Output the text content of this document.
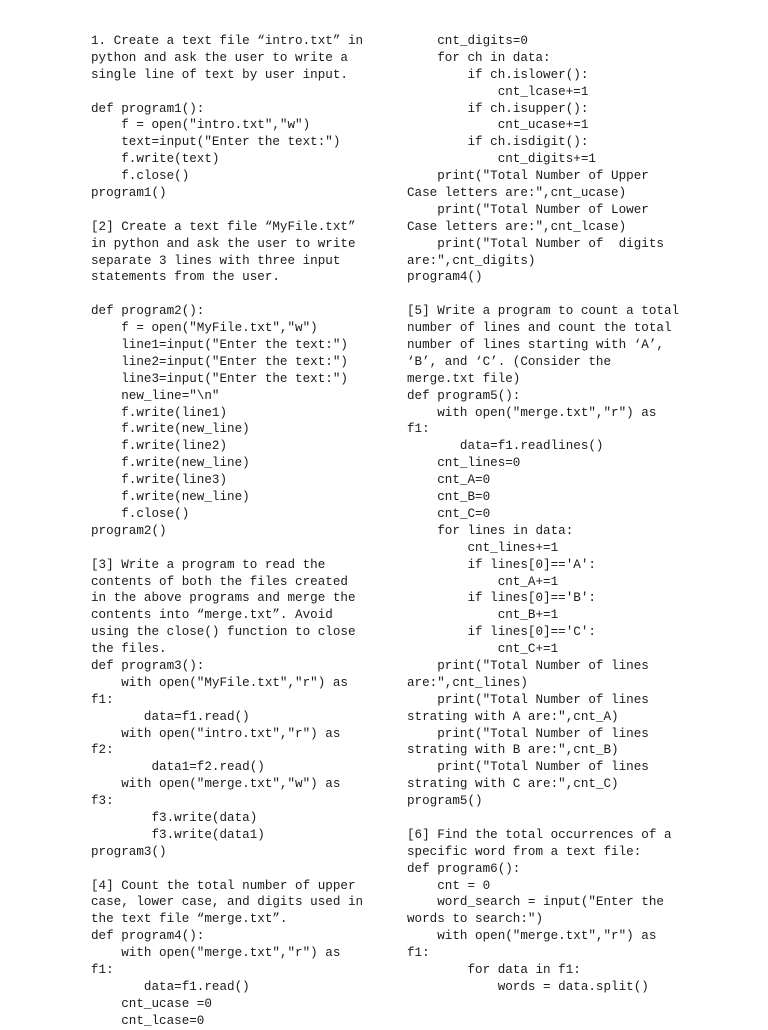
1. Create a text file “intro.txt” in
python and ask the user to write a
single line of text by user input.
def program1():
f = open("intro.txt","w")
text=input("Enter the text:")
f.write(text)
f.close()
program1()
[2] Create a text file “MyFile.txt”
in python and ask the user to write
separate 3 lines with three input
statements from the user.
def program2():
f = open("MyFile.txt","w")
line1=input("Enter the text:")
line2=input("Enter the text:")
line3=input("Enter the text:")
new_line="\n"
f.write(line1)
f.write(new_line)
f.write(line2)
f.write(new_line)
f.write(line3)
f.write(new_line)
f.close()
program2()
[3] Write a program to read the
contents of both the files created
in the above programs and merge the
contents into “merge.txt”. Avoid
using the close() function to close
the files.
def program3():
with open("MyFile.txt","r") as
f1:
data=f1.read()
with open("intro.txt","r") as
f2:
data1=f2.read()
with open("merge.txt","w") as
f3:
f3.write(data)
f3.write(data1)
program3()
[4] Count the total number of upper
case, lower case, and digits used in
the text file “merge.txt”.
def program4():
with open("merge.txt","r") as
f1:
data=f1.read()
cnt_ucase =0
cnt_lcase=0
cnt_digits=0
for ch in data:
if ch.islower():
cnt_lcase+=1
if ch.isupper():
cnt_ucase+=1
if ch.isdigit():
cnt_digits+=1
print("Total Number of Upper
Case letters are:",cnt_ucase)
print("Total Number of Lower
Case letters are:",cnt_lcase)
print("Total Number of  digits
are:",cnt_digits)
program4()
[5] Write a program to count a total
number of lines and count the total
number of lines starting with ‘A’,
‘B’, and ‘C’. (Consider the
merge.txt file)
def program5():
with open("merge.txt","r") as
f1:
data=f1.readlines()
cnt_lines=0
cnt_A=0
cnt_B=0
cnt_C=0
for lines in data:
cnt_lines+=1
if lines[0]=='A':
cnt_A+=1
if lines[0]=='B':
cnt_B+=1
if lines[0]=='C':
cnt_C+=1
print("Total Number of lines
are:",cnt_lines)
print("Total Number of lines
strating with A are:",cnt_A)
print("Total Number of lines
strating with B are:",cnt_B)
print("Total Number of lines
strating with C are:",cnt_C)
program5()
[6] Find the total occurrences of a
specific word from a text file:
def program6():
cnt = 0
word_search = input("Enter the
words to search:")
with open("merge.txt","r") as
f1:
for data in f1:
words = data.split()
